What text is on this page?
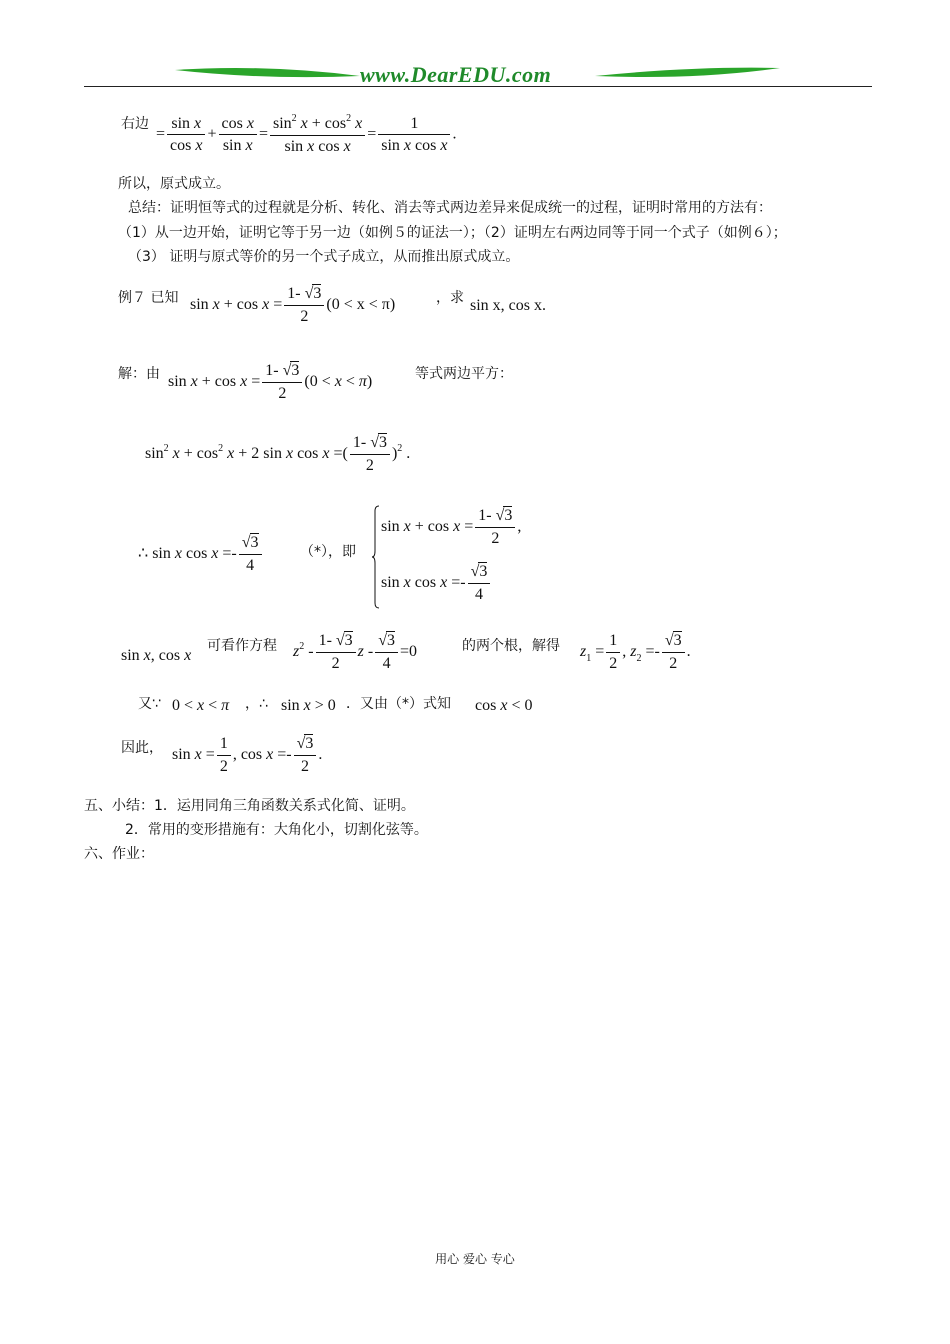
www.DearEDU.com
右边
= $\frac{\text{sin x}}{\text{cos x}} + \frac{\text{cos x}}{\text{sin x}} = \frac{\sin^2 x + \cos^2 x}{\text{sin x cos x}} = \frac{1}{\text{sin x cos x}}$ .
所以，原式成立。
总结：证明恒等式的过程就是分析、转化、消去等式两边差异来促成统一的过程，证明时常用的方法有：
（1）从一边开始，证明它等于另一边（如例５的证法一）；（2）证明左右两边同等于同一个式子（如例６）；
（3） 证明与原式等价的另一个式子成立，从而推出原式成立。
例７ 已知 $\sin x + \cos x = \frac{1- √3}{2} (0 < x < \pi)$	，求 sin x, cos x.
解：由 $\sin x + \cos x = \frac{1- √3}{2} (0 < x < \pi)$	等式两边平方：
$\sin^2 x + \cos^2 x + 2$ sin x cos x =( $\frac{1- √3}{2} )^2$ .
∴ sin x $\cos x =- \frac{√3}{4}$	（*），即
$\sin x + \cos x = \frac{1- √3}{2}$ ,
sin x $\cos x =- \frac{√3}{4}$
sin x, cos x
可看作方程 $z^2 - \frac{1- √3}{2}$ $z - \frac{√3}{4} =0$	的两个根，解得 $z_1 = \frac{1}{2}$ , $z_2 =- \frac{√3}{2}$ .
又∵ 0 < x < π ，∴ sin x > 0 ．又由（*）式知 cos x < 0
因此， $\sin x = \frac{1}{2}$ , $\cos x =- \frac{√3}{2}$ .
五、小结：1．运用同角三角函数关系式化简、证明。
2．常用的变形措施有：大角化小，切割化弦等。
六、作业：
用心 爱心 专心
